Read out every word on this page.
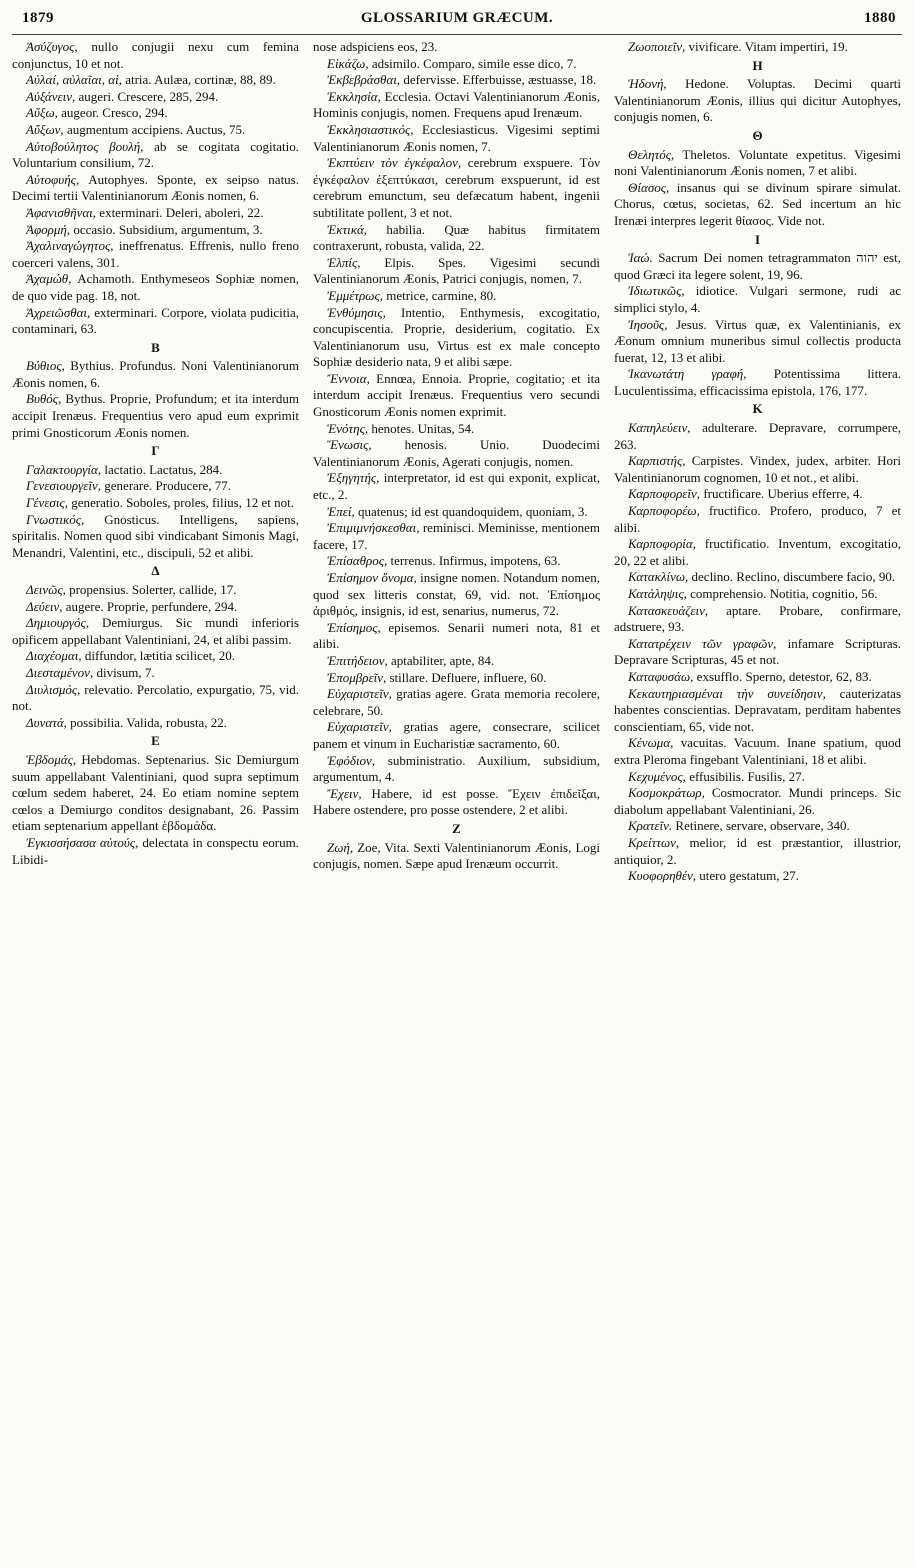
1879	GLOSSARIUM GRÆCUM.	1880

Ἀσύζυγος, nullo conjugii nexu cum femina conjunctus, 10 et not.

Αὐλαί, αὐλαῖαι, αἱ, atria. Aulæa, cortinæ, 88, 89.

Αὐξάνειν, augeri. Crescere, 285, 294.

Αὔξω, augeor. Cresco, 294.

Αὔξων, augmentum accipiens. Auctus, 75.

Αὐτοβούλητος βουλή, ab se cogitata cogitatio. Voluntarium consilium, 72.

Αὐτοφυής, Autophyes. Sponte, ex seipso natus. Decimi tertii Valentinianorum Æonis nomen, 6.

Ἀφανισθῆναι, exterminari. Deleri, aboleri, 22.

Ἀφορμή, occasio. Subsidium, argumentum, 3.

Ἀχαλιναγώγητος, ineffrenatus. Effrenis, nullo freno coerceri valens, 301.

Ἀχαμώθ, Achamoth. Enthymeseos Sophiæ nomen, de quo vide pag. 18, not.

Ἀχρειῶσθαι, exterminari. Corpore, violata pudicitia, contaminari, 63.

B

Βύθιος, Bythius. Profundus. Noni Valentinianorum Æonis nomen, 6.

Βυθός, Bythus. Proprie, Profundum; et ita interdum accipit Irenæus. Frequentius vero apud eum exprimit primi Gnosticorum Æonis nomen.

Γ

Γαλακτουργία, lactatio. Lactatus, 284.

Γενεσιουργεῖν, generare. Producere, 77.

Γένεσις, generatio. Soboles, proles, filius, 12 et not.

Γνωστικός, Gnosticus. Intelligens, sapiens, spiritalis. Nomen quod sibi vindicabant Simonis Magi, Menandri, Valentini, etc., discipuli, 52 et alibi.

Δ

Δεινῶς, propensius. Solerter, callide, 17.

Δεύειν, augere. Proprie, perfundere, 294.

Δημιουργός, Demiurgus. Sic mundi inferioris opificem appellabant Valentiniani, 24, et alibi passim.

Διαχέομαι, diffundor, lætitia scilicet, 20.

Διεσταμένον, divisum, 7.

Διυλισμός, relevatio. Percolatio, expurgatio, 75, vid. not.

Δυνατά, possibilia. Valida, robusta, 22.

E

Ἑβδομάς, Hebdomas. Septenarius. Sic Demiurgum suum appellabant Valentiniani, quod supra septimum cœlum sedem haberet, 24. Eo etiam nomine septem cœlos a Demiurgo conditos designabant, 26. Passim etiam septenarium appellant ἑβδομάδα.

Ἐγκισσήσασα αὐτούς, delectata in conspectu eorum. Libidi-

nose adspiciens eos, 23.

Εἰκάζω, adsimilo. Comparo, simile esse dico, 7.

Ἐκβεβράσθαι, defervisse. Efferbuisse, æstuasse, 18.

Ἐκκλησία, Ecclesia. Octavi Valentinianorum Æonis, Hominis conjugis, nomen. Frequens apud Irenæum.

Ἐκκλησιαστικός, Ecclesiasticus. Vigesimi septimi Valentinianorum Æonis nomen, 7.

Ἐκπτύειν τὸν ἐγκέφαλον, cerebrum exspuere. Τὸν ἐγκέφαλον ἐξεπτύκασι, cerebrum exspuerunt, id est cerebrum emunctum, seu defæcatum habent, ingenii subtilitate pollent, 3 et not.

Ἐκτικά, habilia. Quæ habitus firmitatem contraxerunt, robusta, valida, 22.

Ἐλπίς, Elpis. Spes. Vigesimi secundi Valentinianorum Æonis, Patrici conjugis, nomen, 7.

Ἐμμέτρως, metrice, carmine, 80.

Ἐνθύμησις, Intentio, Enthymesis, excogitatio, concupiscentia. Proprie, desiderium, cogitatio. Ex Valentinianorum usu, Virtus est ex male concepto Sophiæ desiderio nata, 9 et alibi sæpe.

Ἔννοια, Ennœa, Ennoia. Proprie, cogitatio; et ita interdum accipit Irenæus. Frequentius vero secundi Gnosticorum Æonis nomen exprimit.

Ἑνότης, henotes. Unitas, 54.

Ἕνωσις, henosis. Unio. Duodecimi Valentinianorum Æonis, Agerati conjugis, nomen.

Ἐξηγητής, interpretator, id est qui exponit, explicat, etc., 2.

Ἐπεί, quatenus; id est quandoquidem, quoniam, 3.

Ἐπιμιμνήσκεσθαι, reminisci. Meminisse, mentionem facere, 17.

Ἐπίσαθρος, terrenus. Infirmus, impotens, 63.

Ἐπίσημον ὄνομα, insigne nomen. Notandum nomen, quod sex litteris constat, 69, vid. not. Ἐπίσημος ἀριθμός, insignis, id est, senarius, numerus, 72.

Ἐπίσημος, episemos. Senarii numeri nota, 81 et alibi.

Ἐπιτήδειον, aptabiliter, apte, 84.

Ἐπομβρεῖν, stillare. Defluere, influere, 60.

Εὐχαριστεῖν, gratias agere. Grata memoria recolere, celebrare, 50.

Εὐχαριστεῖν, gratias agere, consecrare, scilicet panem et vinum in Eucharistiæ sacramento, 60.

Ἐφόδιον, subministratio. Auxilium, subsidium, argumentum, 4.

Ἔχειν, Habere, id est posse. Ἔχειν ἐπιδεῖξαι, Habere ostendere, pro posse ostendere, 2 et alibi.

Z

Ζωή, Zoe, Vita. Sexti Valentinianorum Æonis, Logi conjugis, nomen. Sæpe apud Irenæum occurrit.

Ζωοποιεῖν, vivificare. Vitam impertiri, 19.

H

Ἡδονή, Hedone. Voluptas. Decimi quarti Valentinianorum Æonis, illius qui dicitur Autophyes, conjugis nomen, 6.

Θ

Θελητός, Theletos. Voluntate expetitus. Vigesimi noni Valentinianorum Æonis nomen, 7 et alibi.

Θίασος, insanus qui se divinum spirare simulat. Chorus, cœtus, societas, 62. Sed incertum an hic Irenæi interpres legerit θίασος. Vide not.

I

Ἰαώ. Sacrum Dei nomen tetragrammaton יהוה est, quod Græci ita legere solent, 19, 96.

Ἰδιωτικῶς, idiotice. Vulgari sermone, rudi ac simplici stylo, 4.

Ἰησοῦς, Jesus. Virtus quæ, ex Valentinianis, ex Æonum omnium muneribus simul collectis producta fuerat, 12, 13 et alibi.

Ἱκανωτάτη γραφή, Potentissima littera. Luculentissima, efficacissima epistola, 176, 177.

K

Καπηλεύειν, adulterare. Depravare, corrumpere, 263.

Καρπιστής, Carpistes. Vindex, judex, arbiter. Hori Valentinianorum cognomen, 10 et not., et alibi.

Καρποφορεῖν, fructificare. Uberius efferre, 4.

Καρποφορέω, fructifico. Profero, produco, 7 et alibi.

Καρποφορία, fructificatio. Inventum, excogitatio, 20, 22 et alibi.

Κατακλίνω, declino. Reclino, discumbere facio, 90.

Κατάληψις, comprehensio. Notitia, cognitio, 56.

Κατασκευάζειν, aptare. Probare, confirmare, adstruere, 93.

Κατατρέχειν τῶν γραφῶν, infamare Scripturas. Depravare Scripturas, 45 et not.

Καταφυσάω, exsufflo. Sperno, detestor, 62, 83.

Κεκαυτηριασμέναι τὴν συνείδησιν, cauterizatas habentes conscientias. Depravatam, perditam habentes conscientiam, 65, vide not.

Κένωμα, vacuitas. Vacuum. Inane spatium, quod extra Pleroma fingebant Valentiniani, 18 et alibi.

Κεχυμένος, effusibilis. Fusilis, 27.

Κοσμοκράτωρ, Cosmocrator. Mundi princeps. Sic diabolum appellabant Valentiniani, 26.

Κρατεῖν. Retinere, servare, observare, 340.

Κρείττων, melior, id est præstantior, illustrior, antiquior, 2.

Κυοφορηθέν, utero gestatum, 27.
